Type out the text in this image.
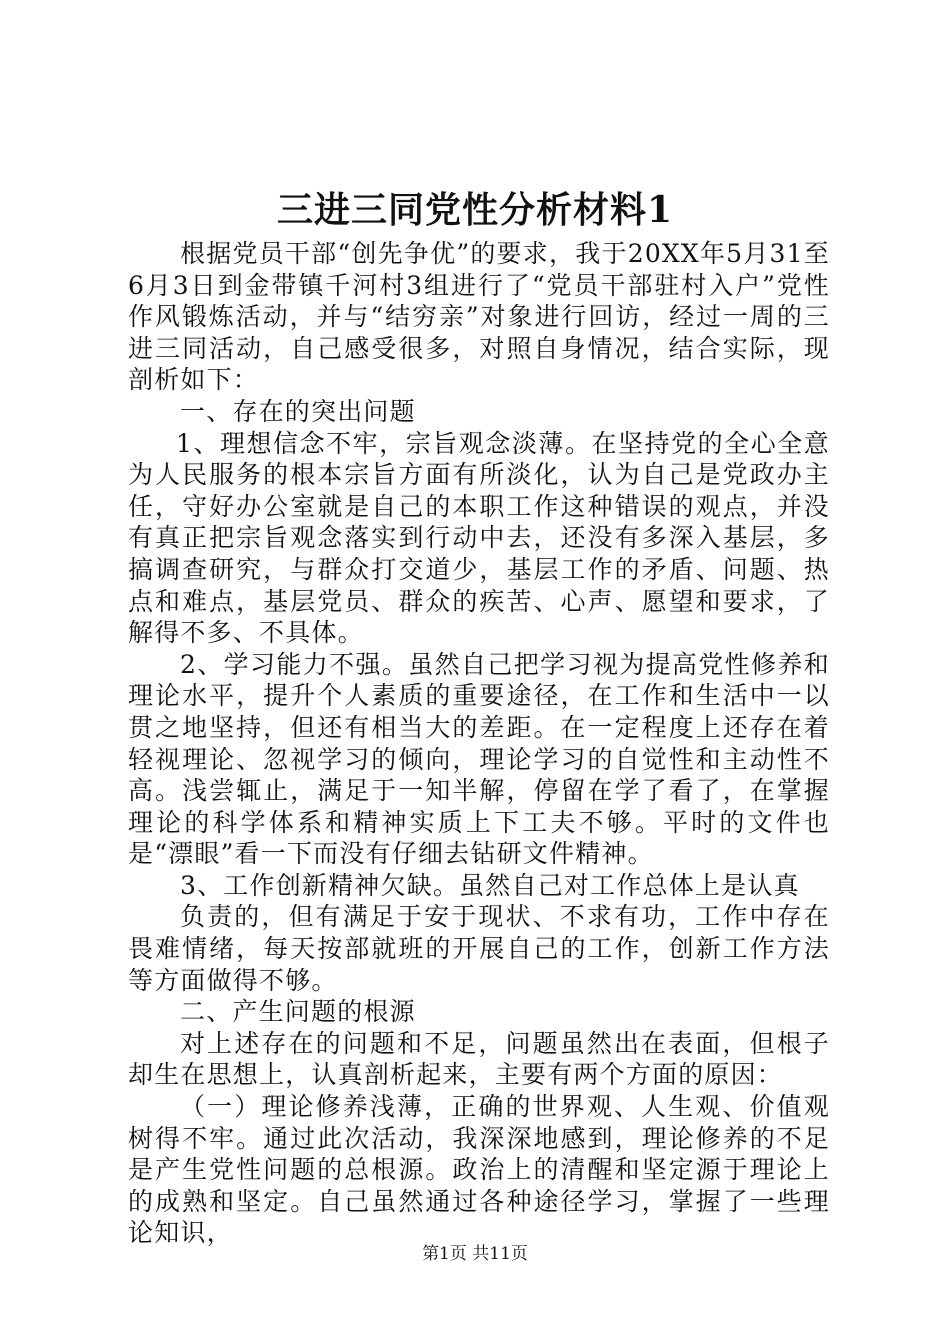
三进三同党性分析材料1

根据党员干部“创先争优”的要求，我于20XX年5月31至6月3日到金带镇千河村3组进行了“党员干部驻村入户”党性作风锻炼活动，并与“结穷亲”对象进行回访，经过一周的三进三同活动，自己感受很多，对照自身情况，结合实际，现剖析如下：

一、存在的突出问题

1、理想信念不牢，宗旨观念淡薄。在坚持党的全心全意为人民服务的根本宗旨方面有所淡化，认为自己是党政办主任，守好办公室就是自己的本职工作这种错误的观点，并没有真正把宗旨观念落实到行动中去，还没有多深入基层，多搞调查研究，与群众打交道少，基层工作的矛盾、问题、热点和难点，基层党员、群众的疾苦、心声、愿望和要求，了解得不多、不具体。

2、学习能力不强。虽然自己把学习视为提高党性修养和理论水平，提升个人素质的重要途径，在工作和生活中一以贯之地坚持，但还有相当大的差距。在一定程度上还存在着轻视理论、忽视学习的倾向，理论学习的自觉性和主动性不高。浅尝辄止，满足于一知半解，停留在学了看了，在掌握理论的科学体系和精神实质上下工夫不够。平时的文件也是“漂眼”看一下而没有仔细去钻研文件精神。

3、工作创新精神欠缺。虽然自己对工作总体上是认真

负责的，但有满足于安于现状、不求有功，工作中存在畏难情绪，每天按部就班的开展自己的工作，创新工作方法等方面做得不够。

二、产生问题的根源

对上述存在的问题和不足，问题虽然出在表面，但根子却生在思想上，认真剖析起来，主要有两个方面的原因：

（一）理论修养浅薄，正确的世界观、人生观、价值观树得不牢。通过此次活动，我深深地感到，理论修养的不足是产生党性问题的总根源。政治上的清醒和坚定源于理论上的成熟和坚定。自己虽然通过各种途径学习，掌握了一些理论知识，

第1页 共11页
